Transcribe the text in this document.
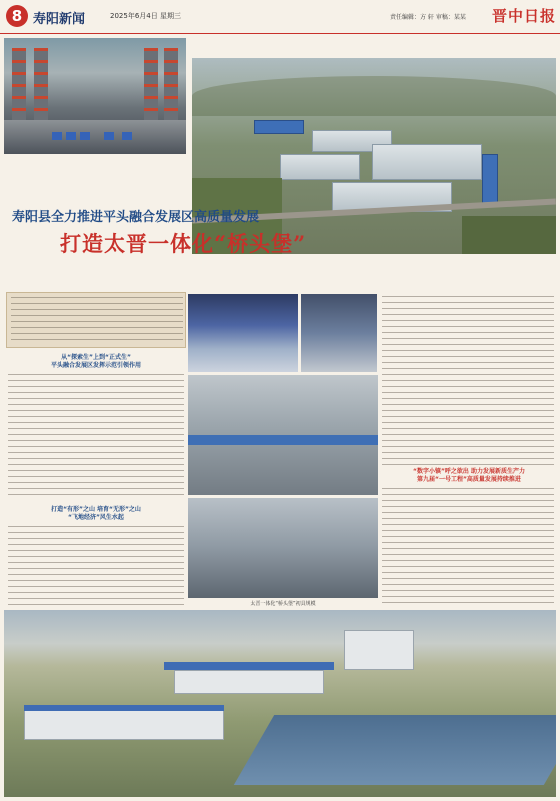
8 寿阳新闻	2025年6月4日 星期三	责任编辑：方 轩 审稿：某某 晋中日报
寿阳县全力推进平头融合发展区高质量发展
打造太晋一体化“桥头堡”
从“探索生”上到“正式生”
平头融合发展区发挥示范引领作用
打造“有形”之山 培育“无形”之山
“飞地经济”风生水起
太晋一体化“桥头堡”初具规模
“数字小镇”呼之欲出 助力发展新质生产力
第九届“一号工程”高质量发展持续推进
